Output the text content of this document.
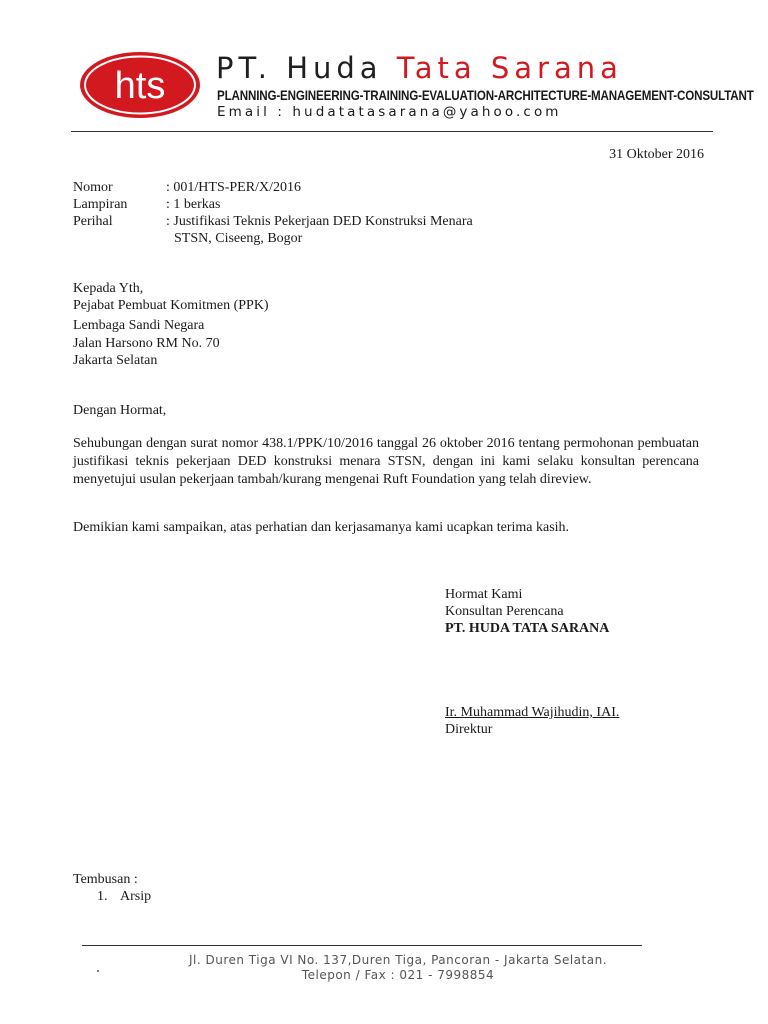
hts PT. Huda Tata Sarana
PLANNING-ENGINEERING-TRAINING-EVALUATION-ARCHITECTURE-MANAGEMENT-CONSULTANT
Email : hudatatasarana@yahoo.com
31 Oktober 2016
Nomor	: 001/HTS-PER/X/2016
Lampiran	: 1 berkas
Perihal	: Justifikasi Teknis Pekerjaan DED Konstruksi Menara
STSN, Ciseeng, Bogor
Kepada Yth,
Pejabat Pembuat Komitmen (PPK)
Lembaga Sandi Negara
Jalan Harsono RM No. 70
Jakarta Selatan
Dengan Hormat,
Sehubungan dengan surat nomor 438.1/PPK/10/2016 tanggal 26 oktober 2016 tentang permohonan pembuatan justifikasi teknis pekerjaan DED konstruksi menara STSN, dengan ini kami selaku konsultan perencana menyetujui usulan pekerjaan tambah/kurang mengenai Ruft Foundation yang telah direview.
Demikian kami sampaikan, atas perhatian dan kerjasamanya kami ucapkan terima kasih.
Hormat Kami
Konsultan Perencana
PT. HUDA TATA SARANA
Ir. Muhammad Wajihudin, IAI.
Direktur
Tembusan :
1. Arsip
Jl. Duren Tiga VI No. 137,Duren Tiga, Pancoran - Jakarta Selatan.
Telepon / Fax : 021 - 7998854
